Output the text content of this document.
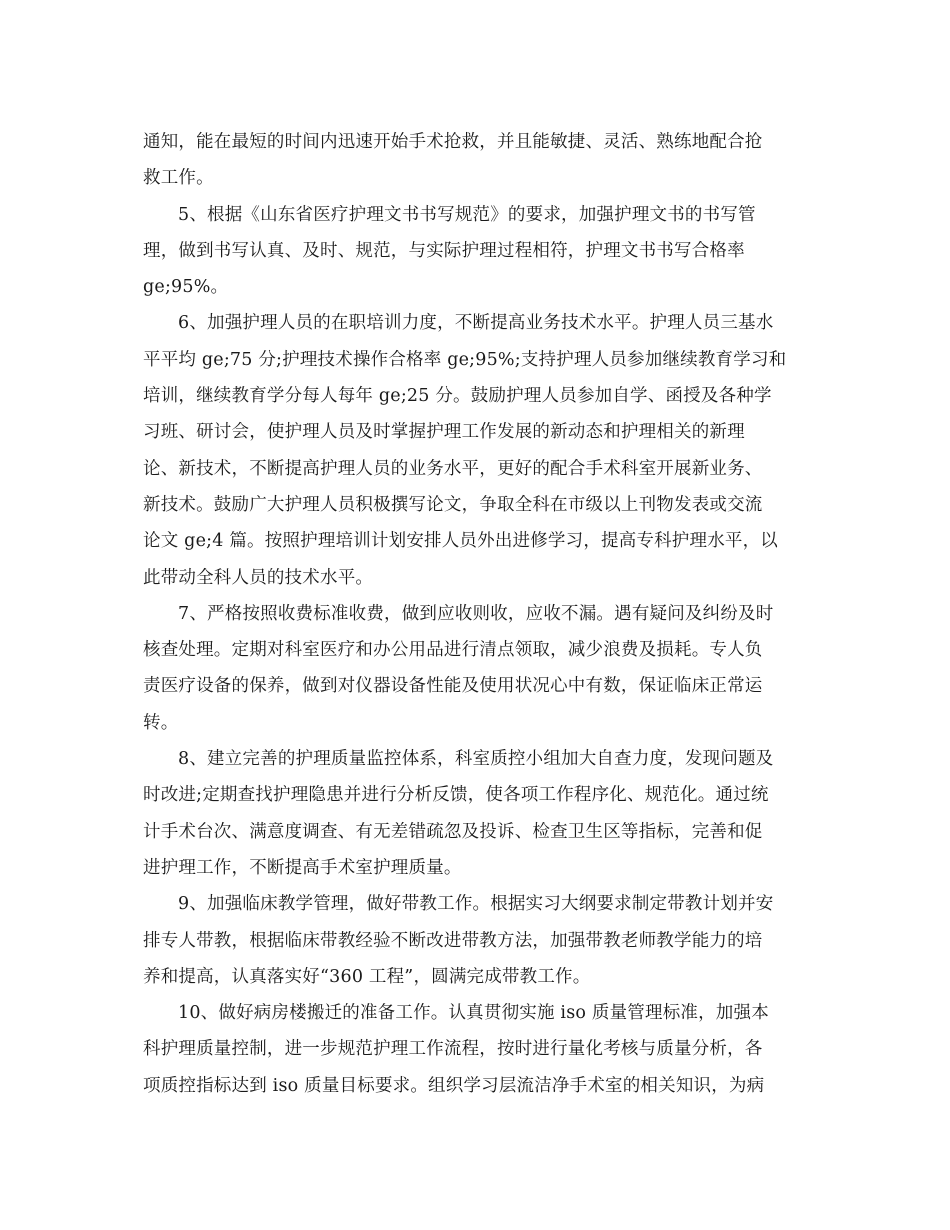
通知，能在最短的时间内迅速开始手术抢救，并且能敏捷、灵活、熟练地配合抢
救工作。

5、根据《山东省医疗护理文书书写规范》的要求，加强护理文书的书写管
理，做到书写认真、及时、规范，与实际护理过程相符，护理文书书写合格率
ge;95%。

6、加强护理人员的在职培训力度，不断提高业务技术水平。护理人员三基水
平平均 ge;75 分;护理技术操作合格率 ge;95%;支持护理人员参加继续教育学习和
培训，继续教育学分每人每年 ge;25 分。鼓励护理人员参加自学、函授及各种学
习班、研讨会，使护理人员及时掌握护理工作发展的新动态和护理相关的新理
论、新技术，不断提高护理人员的业务水平，更好的配合手术科室开展新业务、
新技术。鼓励广大护理人员积极撰写论文，争取全科在市级以上刊物发表或交流
论文 ge;4 篇。按照护理培训计划安排人员外出进修学习，提高专科护理水平，以
此带动全科人员的技术水平。

7、严格按照收费标准收费，做到应收则收，应收不漏。遇有疑问及纠纷及时
核查处理。定期对科室医疗和办公用品进行清点领取，减少浪费及损耗。专人负
责医疗设备的保养，做到对仪器设备性能及使用状况心中有数，保证临床正常运
转。

8、建立完善的护理质量监控体系，科室质控小组加大自查力度，发现问题及
时改进;定期查找护理隐患并进行分析反馈，使各项工作程序化、规范化。通过统
计手术台次、满意度调查、有无差错疏忽及投诉、检查卫生区等指标，完善和促
进护理工作，不断提高手术室护理质量。

9、加强临床教学管理，做好带教工作。根据实习大纲要求制定带教计划并安
排专人带教，根据临床带教经验不断改进带教方法，加强带教老师教学能力的培
养和提高，认真落实好“360 工程”，圆满完成带教工作。

10、做好病房楼搬迁的准备工作。认真贯彻实施 iso 质量管理标准，加强本
科护理质量控制，进一步规范护理工作流程，按时进行量化考核与质量分析，各
项质控指标达到 iso 质量目标要求。组织学习层流洁净手术室的相关知识，为病
